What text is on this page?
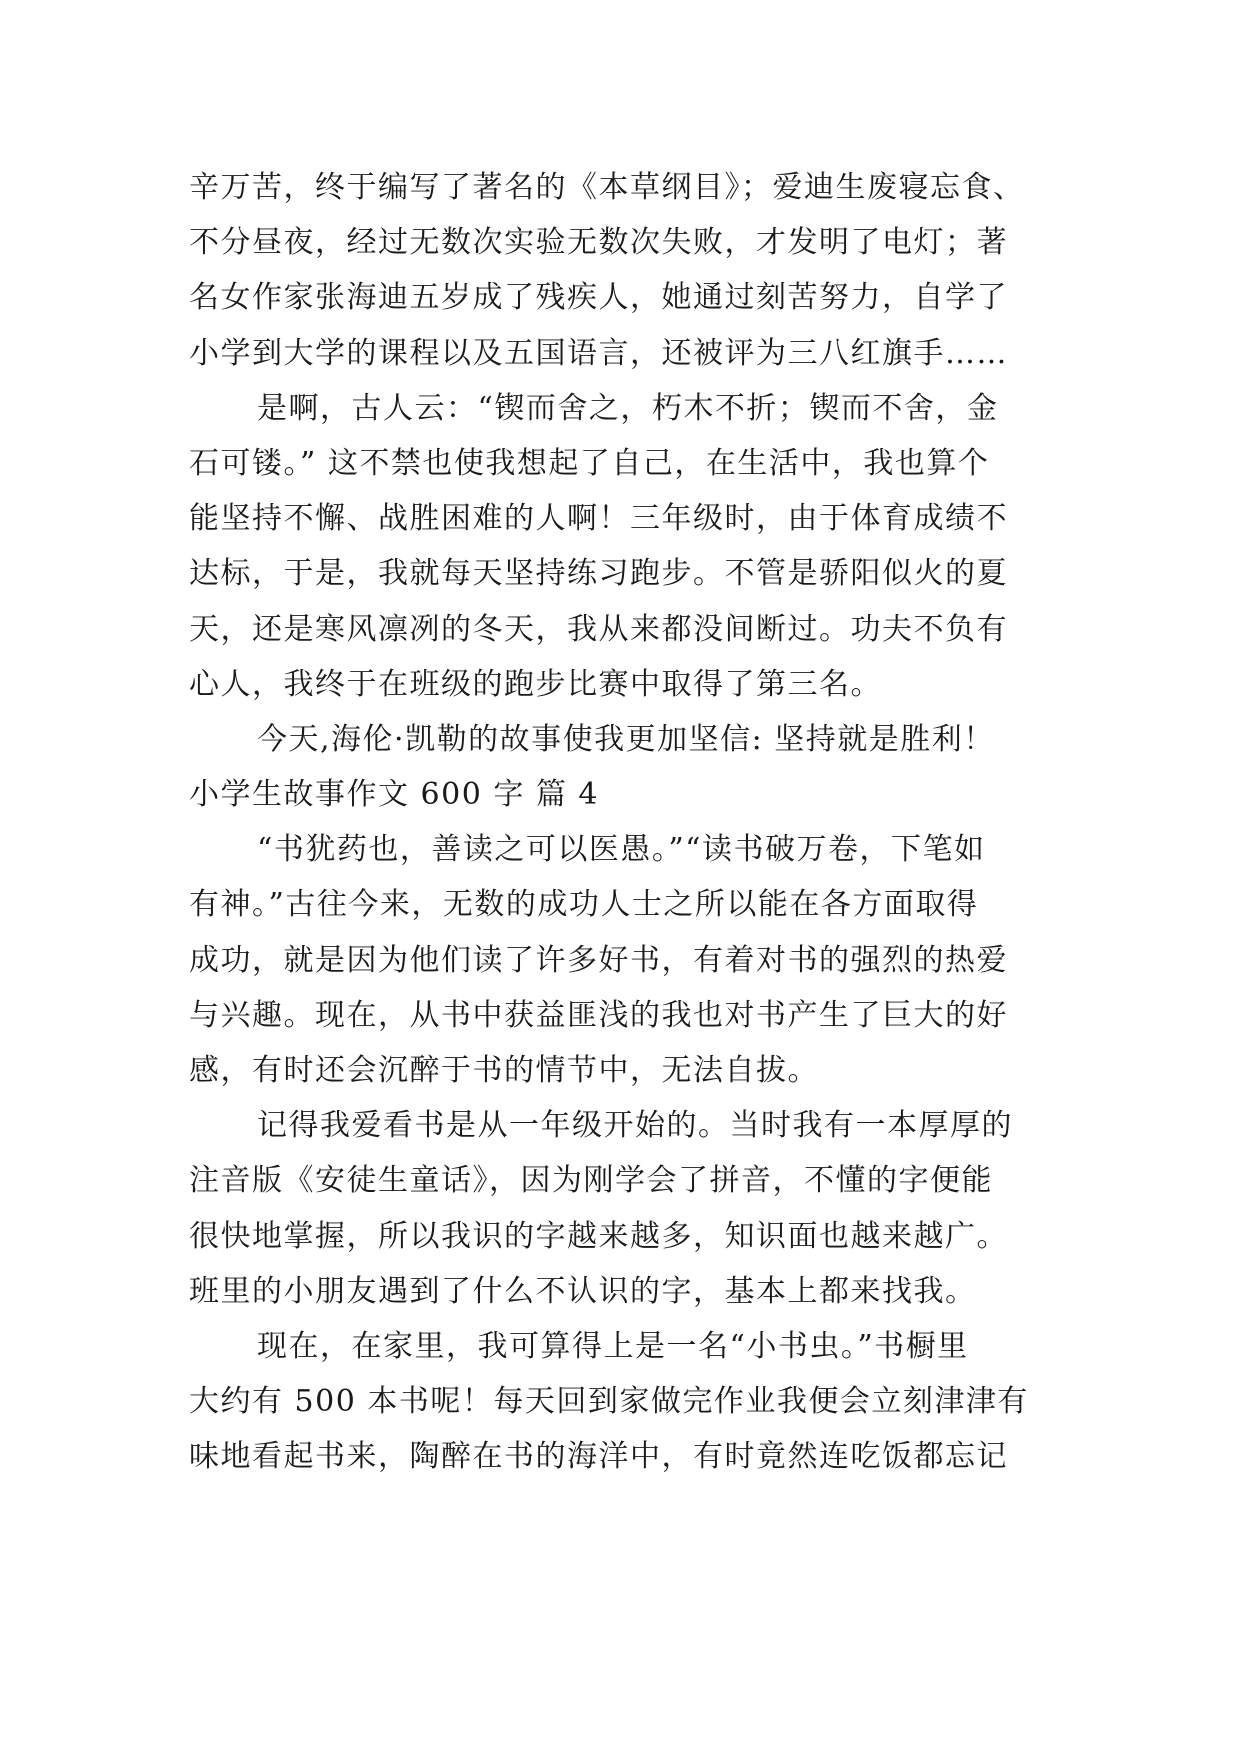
辛万苦，终于编写了著名的《本草纲目》；爱迪生废寝忘食、
不分昼夜，经过无数次实验无数次失败，才发明了电灯；著
名女作家张海迪五岁成了残疾人，她通过刻苦努力，自学了
小学到大学的课程以及五国语言，还被评为三八红旗手……
是啊，古人云：“锲而舍之，朽木不折；锲而不舍，金
石可镂。” 这不禁也使我想起了自己，在生活中，我也算个
能坚持不懈、战胜困难的人啊！三年级时，由于体育成绩不
达标，于是，我就每天坚持练习跑步。不管是骄阳似火的夏
天，还是寒风凛冽的冬天，我从来都没间断过。功夫不负有
心人，我终于在班级的跑步比赛中取得了第三名。
今天,海伦·凯勒的故事使我更加坚信: 坚持就是胜利！
小学生故事作文 600 字 篇 4
“书犹药也，善读之可以医愚。”“读书破万卷，下笔如
有神。”古往今来，无数的成功人士之所以能在各方面取得
成功，就是因为他们读了许多好书，有着对书的强烈的热爱
与兴趣。现在，从书中获益匪浅的我也对书产生了巨大的好
感，有时还会沉醉于书的情节中，无法自拔。
记得我爱看书是从一年级开始的。当时我有一本厚厚的
注音版《安徒生童话》，因为刚学会了拼音，不懂的字便能
很快地掌握，所以我识的字越来越多，知识面也越来越广。
班里的小朋友遇到了什么不认识的字，基本上都来找我。
现在，在家里，我可算得上是一名“小书虫。”书橱里
大约有 500 本书呢！每天回到家做完作业我便会立刻津津有
味地看起书来，陶醉在书的海洋中，有时竟然连吃饭都忘记
